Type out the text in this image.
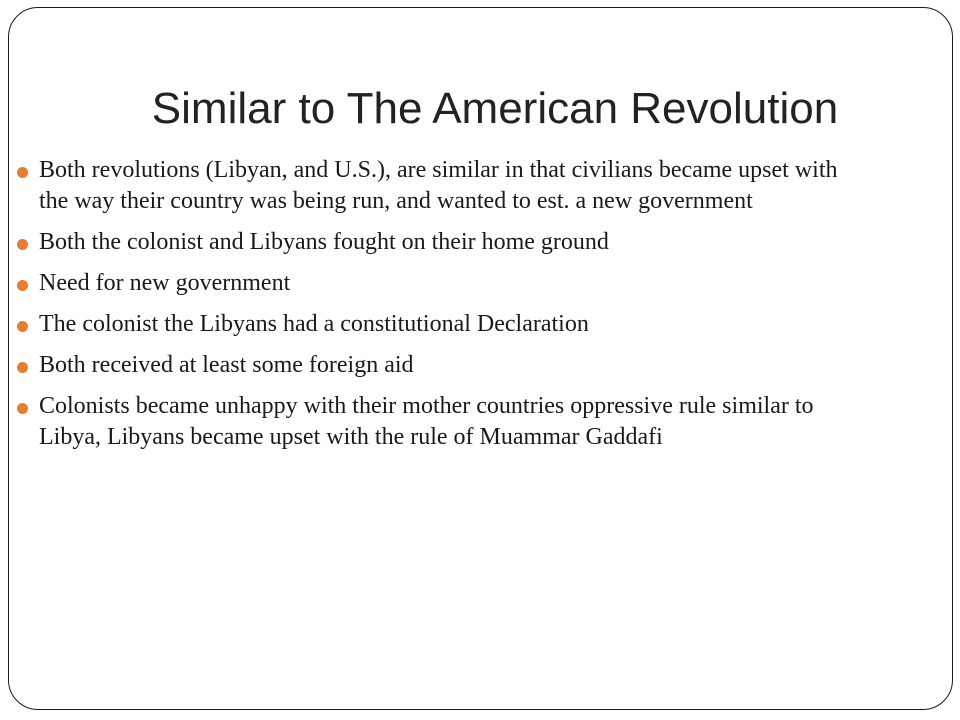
Similar to The American Revolution
Both revolutions (Libyan, and U.S.), are similar in that civilians became upset with the way their country was being run, and wanted to est. a new government
Both the colonist and Libyans fought on their home ground
Need for new government
The colonist the Libyans had a constitutional Declaration
Both received at least some foreign aid
Colonists became unhappy with their mother countries oppressive rule similar to Libya, Libyans became upset with the rule of Muammar Gaddafi
